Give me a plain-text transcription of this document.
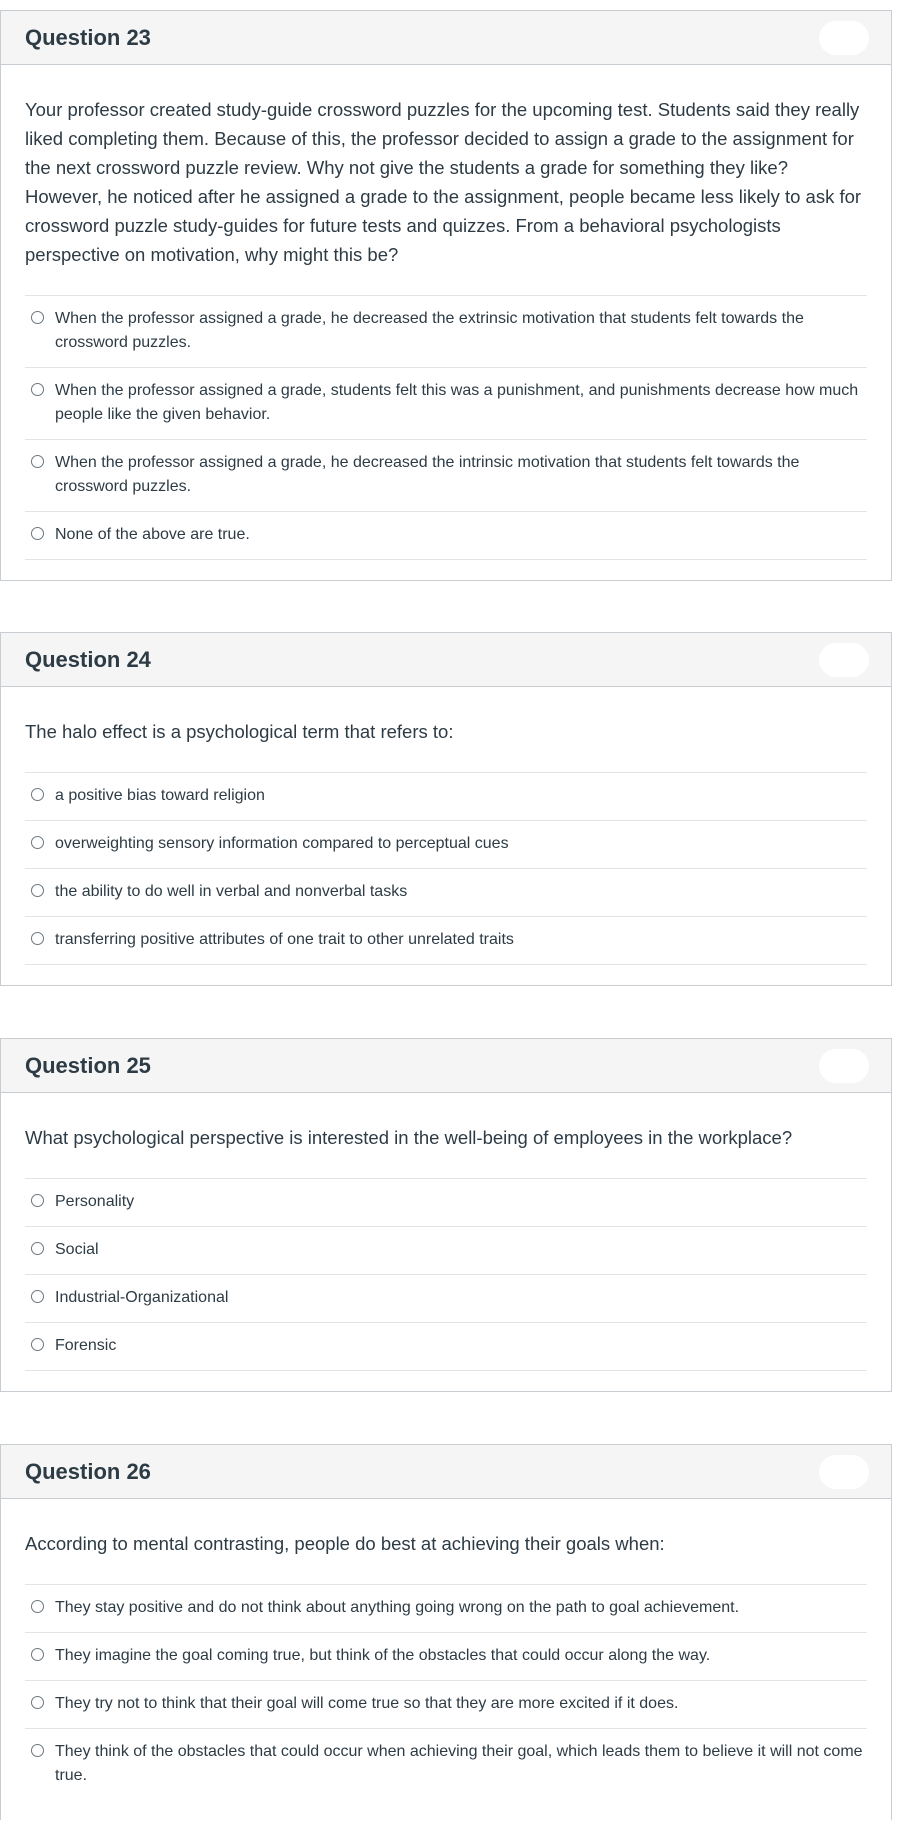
Question 23

Your professor created study-guide crossword puzzles for the upcoming test. Students said they really liked completing them. Because of this, the professor decided to assign a grade to the assignment for the next crossword puzzle review. Why not give the students a grade for something they like? However, he noticed after he assigned a grade to the assignment, people became less likely to ask for crossword puzzle study-guides for future tests and quizzes. From a behavioral psychologists perspective on motivation, why might this be?

When the professor assigned a grade, he decreased the extrinsic motivation that students felt towards the crossword puzzles.
When the professor assigned a grade, students felt this was a punishment, and punishments decrease how much people like the given behavior.
When the professor assigned a grade, he decreased the intrinsic motivation that students felt towards the crossword puzzles.
None of the above are true.
Question 24

The halo effect is a psychological term that refers to:

a positive bias toward religion
overweighting sensory information compared to perceptual cues
the ability to do well in verbal and nonverbal tasks
transferring positive attributes of one trait to other unrelated traits
Question 25

What psychological perspective is interested in the well-being of employees in the workplace?

Personality
Social
Industrial-Organizational
Forensic
Question 26

According to mental contrasting, people do best at achieving their goals when:

They stay positive and do not think about anything going wrong on the path to goal achievement.
They imagine the goal coming true, but think of the obstacles that could occur along the way.
They try not to think that their goal will come true so that they are more excited if it does.
They think of the obstacles that could occur when achieving their goal, which leads them to believe it will not come true.
